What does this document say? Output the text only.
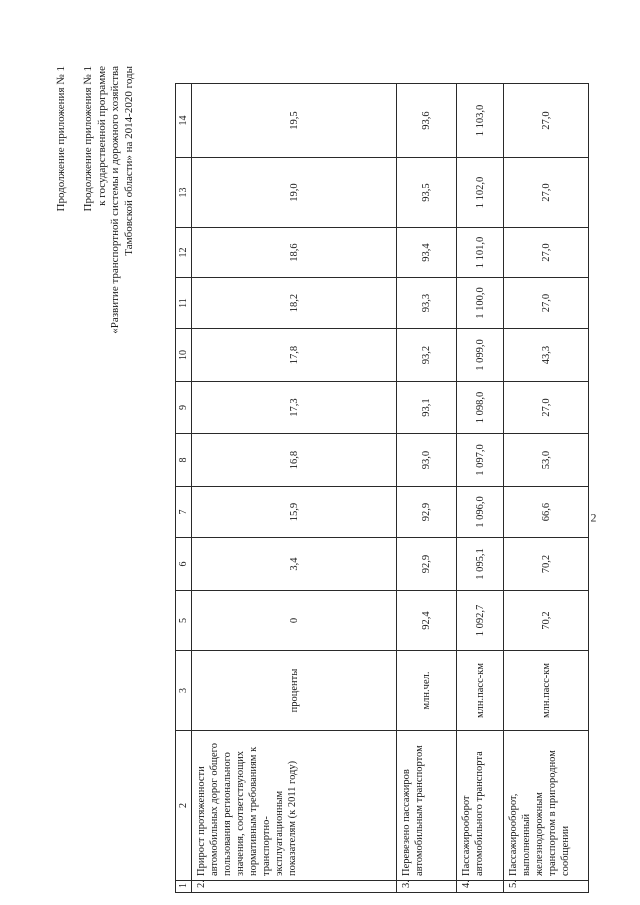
Продолжение приложения № 1 Продолжение приложения № 1 к государственной программе «Развитие транспортной системы и дорожного хозяйства Тамбовской области» на 2014-2020 годы
2
1	2	3	5	6	7	8	9	10	11	12	13	14
2.	Прирост протяженности автомобильных дорог общего пользования регионального значения, соответствующих нормативным требованиям к транспортно-эксплуатационным показателям (к 2011 году)	проценты	0	3,4	15,9	16,8	17,3	17,8	18,2	18,6	19,0	19,5
3.	Перевезено пассажиров автомобильным транспортом	млн.чел.	92,4	92,9	92,9	93,0	93,1	93,2	93,3	93,4	93,5	93,6
4.	Пассажирооборот автомобильного транспорта	млн.пасс-км	1 092,7	1 095,1	1 096,0	1 097,0	1 098,0	1 099,0	1 100,0	1 101,0	1 102,0	1 103,0
5.	Пассажирооборот, выполненный железнодорожным транспортом в пригородном сообщении	млн.пасс-км	70,2	70,2	66,6	53,0	27,0	43,3	27,0	27,0	27,0	27,0
